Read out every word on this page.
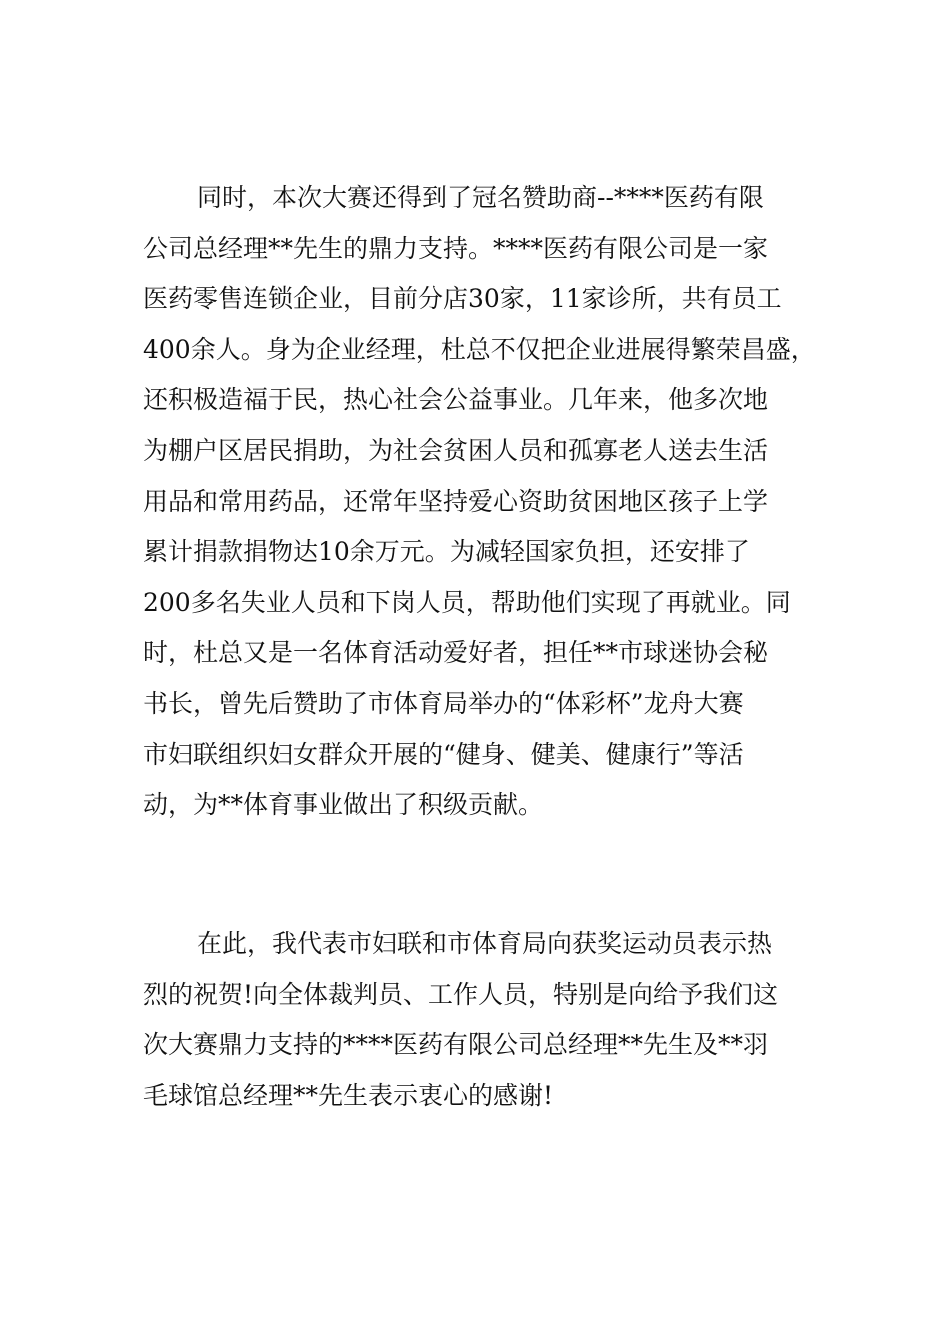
同时，本次大赛还得到了冠名赞助商--****医药有限
公司总经理**先生的鼎力支持。****医药有限公司是一家
医药零售连锁企业，目前分店30家，11家诊所，共有员工
400余人。身为企业经理，杜总不仅把企业进展得繁荣昌盛，
还积极造福于民，热心社会公益事业。几年来，他多次地
为棚户区居民捐助，为社会贫困人员和孤寡老人送去生活
用品和常用药品，还常年坚持爱心资助贫困地区孩子上学
累计捐款捐物达10余万元。为减轻国家负担，还安排了
200多名失业人员和下岗人员，帮助他们实现了再就业。同
时，杜总又是一名体育活动爱好者，担任**市球迷协会秘
书长，曾先后赞助了市体育局举办的“体彩杯”龙舟大赛
市妇联组织妇女群众开展的“健身、健美、健康行”等活
动，为**体育事业做出了积级贡献。
在此，我代表市妇联和市体育局向获奖运动员表示热
烈的祝贺!向全体裁判员、工作人员，特别是向给予我们这
次大赛鼎力支持的****医药有限公司总经理**先生及**羽
毛球馆总经理**先生表示衷心的感谢!
